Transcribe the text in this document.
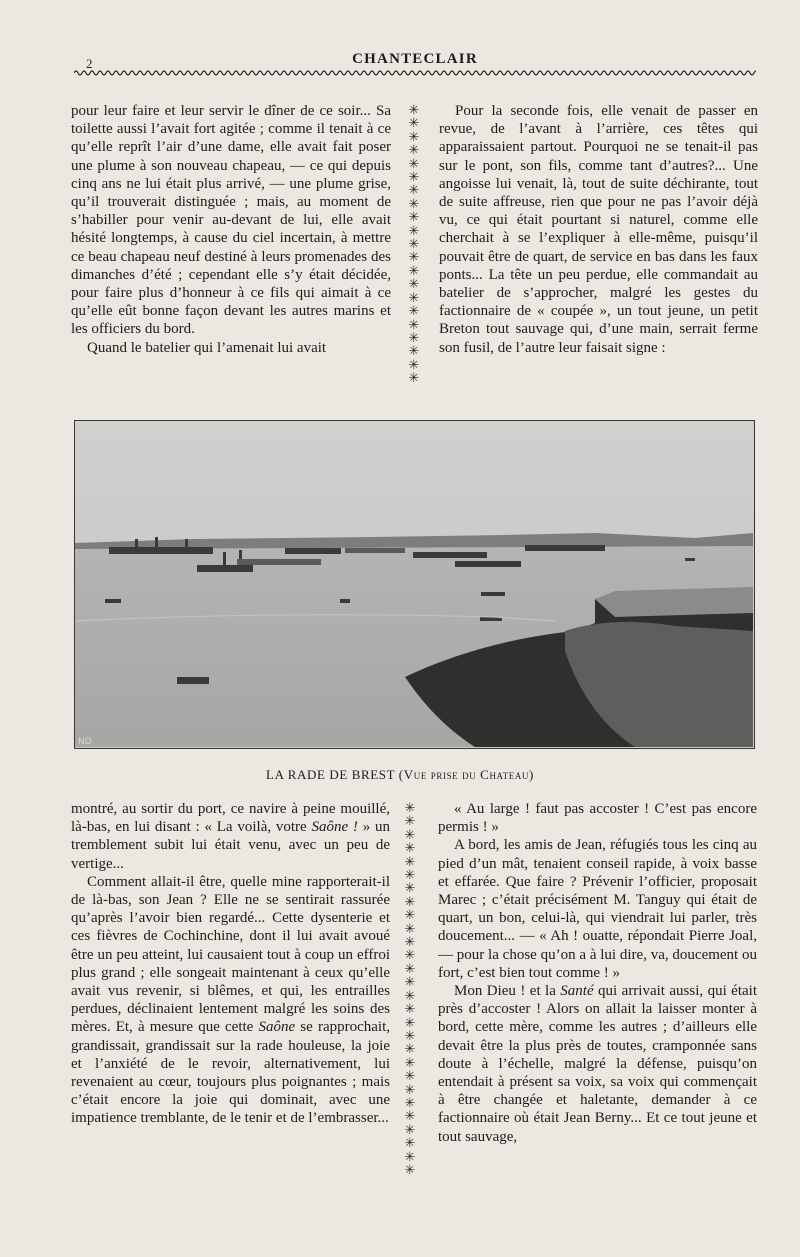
2	CHANTECLAIR

pour leur faire et leur servir le dîner de ce soir... Sa toilette aussi l’avait fort agitée ; comme il tenait à ce qu’elle reprît l’air d’une dame, elle avait fait poser une plume à son nouveau chapeau, — ce qui depuis cinq ans ne lui était plus arrivé, — une plume grise, qu’il trouverait distinguée ; mais, au moment de s’habiller pour venir au-devant de lui, elle avait hésité longtemps, à cause du ciel incertain, à mettre ce beau chapeau neuf destiné à leurs promenades des dimanches d’été ; cependant elle s’y était décidée, pour faire plus d’honneur à ce fils qui aimait à ce qu’elle eût bonne façon devant les autres marins et les officiers du bord.

Quand le batelier qui l’amenait lui avait

✳
✳
✳
✳
✳
✳
✳
✳
✳
✳
✳
✳
✳
✳
✳
✳
✳
✳
✳
✳
✳

Pour la seconde fois, elle venait de passer en revue, de l’avant à l’arrière, ces têtes qui apparaissaient partout. Pourquoi ne se tenait-il pas sur le pont, son fils, comme tant d’autres?... Une angoisse lui venait, là, tout de suite déchirante, tout de suite affreuse, rien que pour ne pas l’avoir déjà vu, ce qui était pourtant si naturel, comme elle cherchait à se l’expliquer à elle-même, puisqu’il pouvait être de quart, de service en bas dans les faux ponts... La tête un peu perdue, elle commandait au batelier de s’approcher, malgré les gestes du factionnaire de « coupée », un tout jeune, un petit Breton tout sauvage qui, d’une main, serrait ferme son fusil, de l’autre leur faisait signe :

ND
LA RADE DE BREST (Vue prise du Chateau)

montré, au sortir du port, ce navire à peine mouillé, là-bas, en lui disant : « La voilà, votre Saône ! » un tremblement subit lui était venu, avec un peu de vertige...

Comment allait-il être, quelle mine rapporterait-il de là-bas, son Jean ? Elle ne se sentirait rassurée qu’après l’avoir bien regardé... Cette dysenterie et ces fièvres de Cochinchine, dont il lui avait avoué être un peu atteint, lui causaient tout à coup un effroi plus grand ; elle songeait maintenant à ceux qu’elle avait vus revenir, si blêmes, et qui, les entrailles perdues, déclinaient lentement malgré les soins des mères. Et, à mesure que cette Saône se rapprochait, grandissait, grandissait sur la rade houleuse, la joie et l’anxiété de le revoir, alternativement, lui revenaient au cœur, toujours plus poignantes ; mais c’était encore la joie qui dominait, avec une impatience tremblante, de le tenir et de l’embrasser...

✳
✳
✳
✳
✳
✳
✳
✳
✳
✳
✳
✳
✳
✳
✳
✳
✳
✳
✳
✳
✳
✳
✳
✳
✳
✳
✳
✳

« Au large ! faut pas accoster ! C’est pas encore permis ! »

A bord, les amis de Jean, réfugiés tous les cinq au pied d’un mât, tenaient conseil rapide, à voix basse et effarée. Que faire ? Prévenir l’officier, proposait Marec ; c’était précisément M. Tanguy qui était de quart, un bon, celui-là, qui viendrait lui parler, très doucement... — « Ah ! ouatte, répondait Pierre Joal, — pour la chose qu’on a à lui dire, va, doucement ou fort, c’est bien tout comme ! »

Mon Dieu ! et la Santé qui arrivait aussi, qui était près d’accoster ! Alors on allait la laisser monter à bord, cette mère, comme les autres ; d’ailleurs elle devait être la plus près de toutes, cramponnée sans doute à l’échelle, malgré la défense, puisqu’on entendait à présent sa voix, sa voix qui commençait à être changée et haletante, demander à ce factionnaire où était Jean Berny... Et ce tout jeune et tout sauvage,
